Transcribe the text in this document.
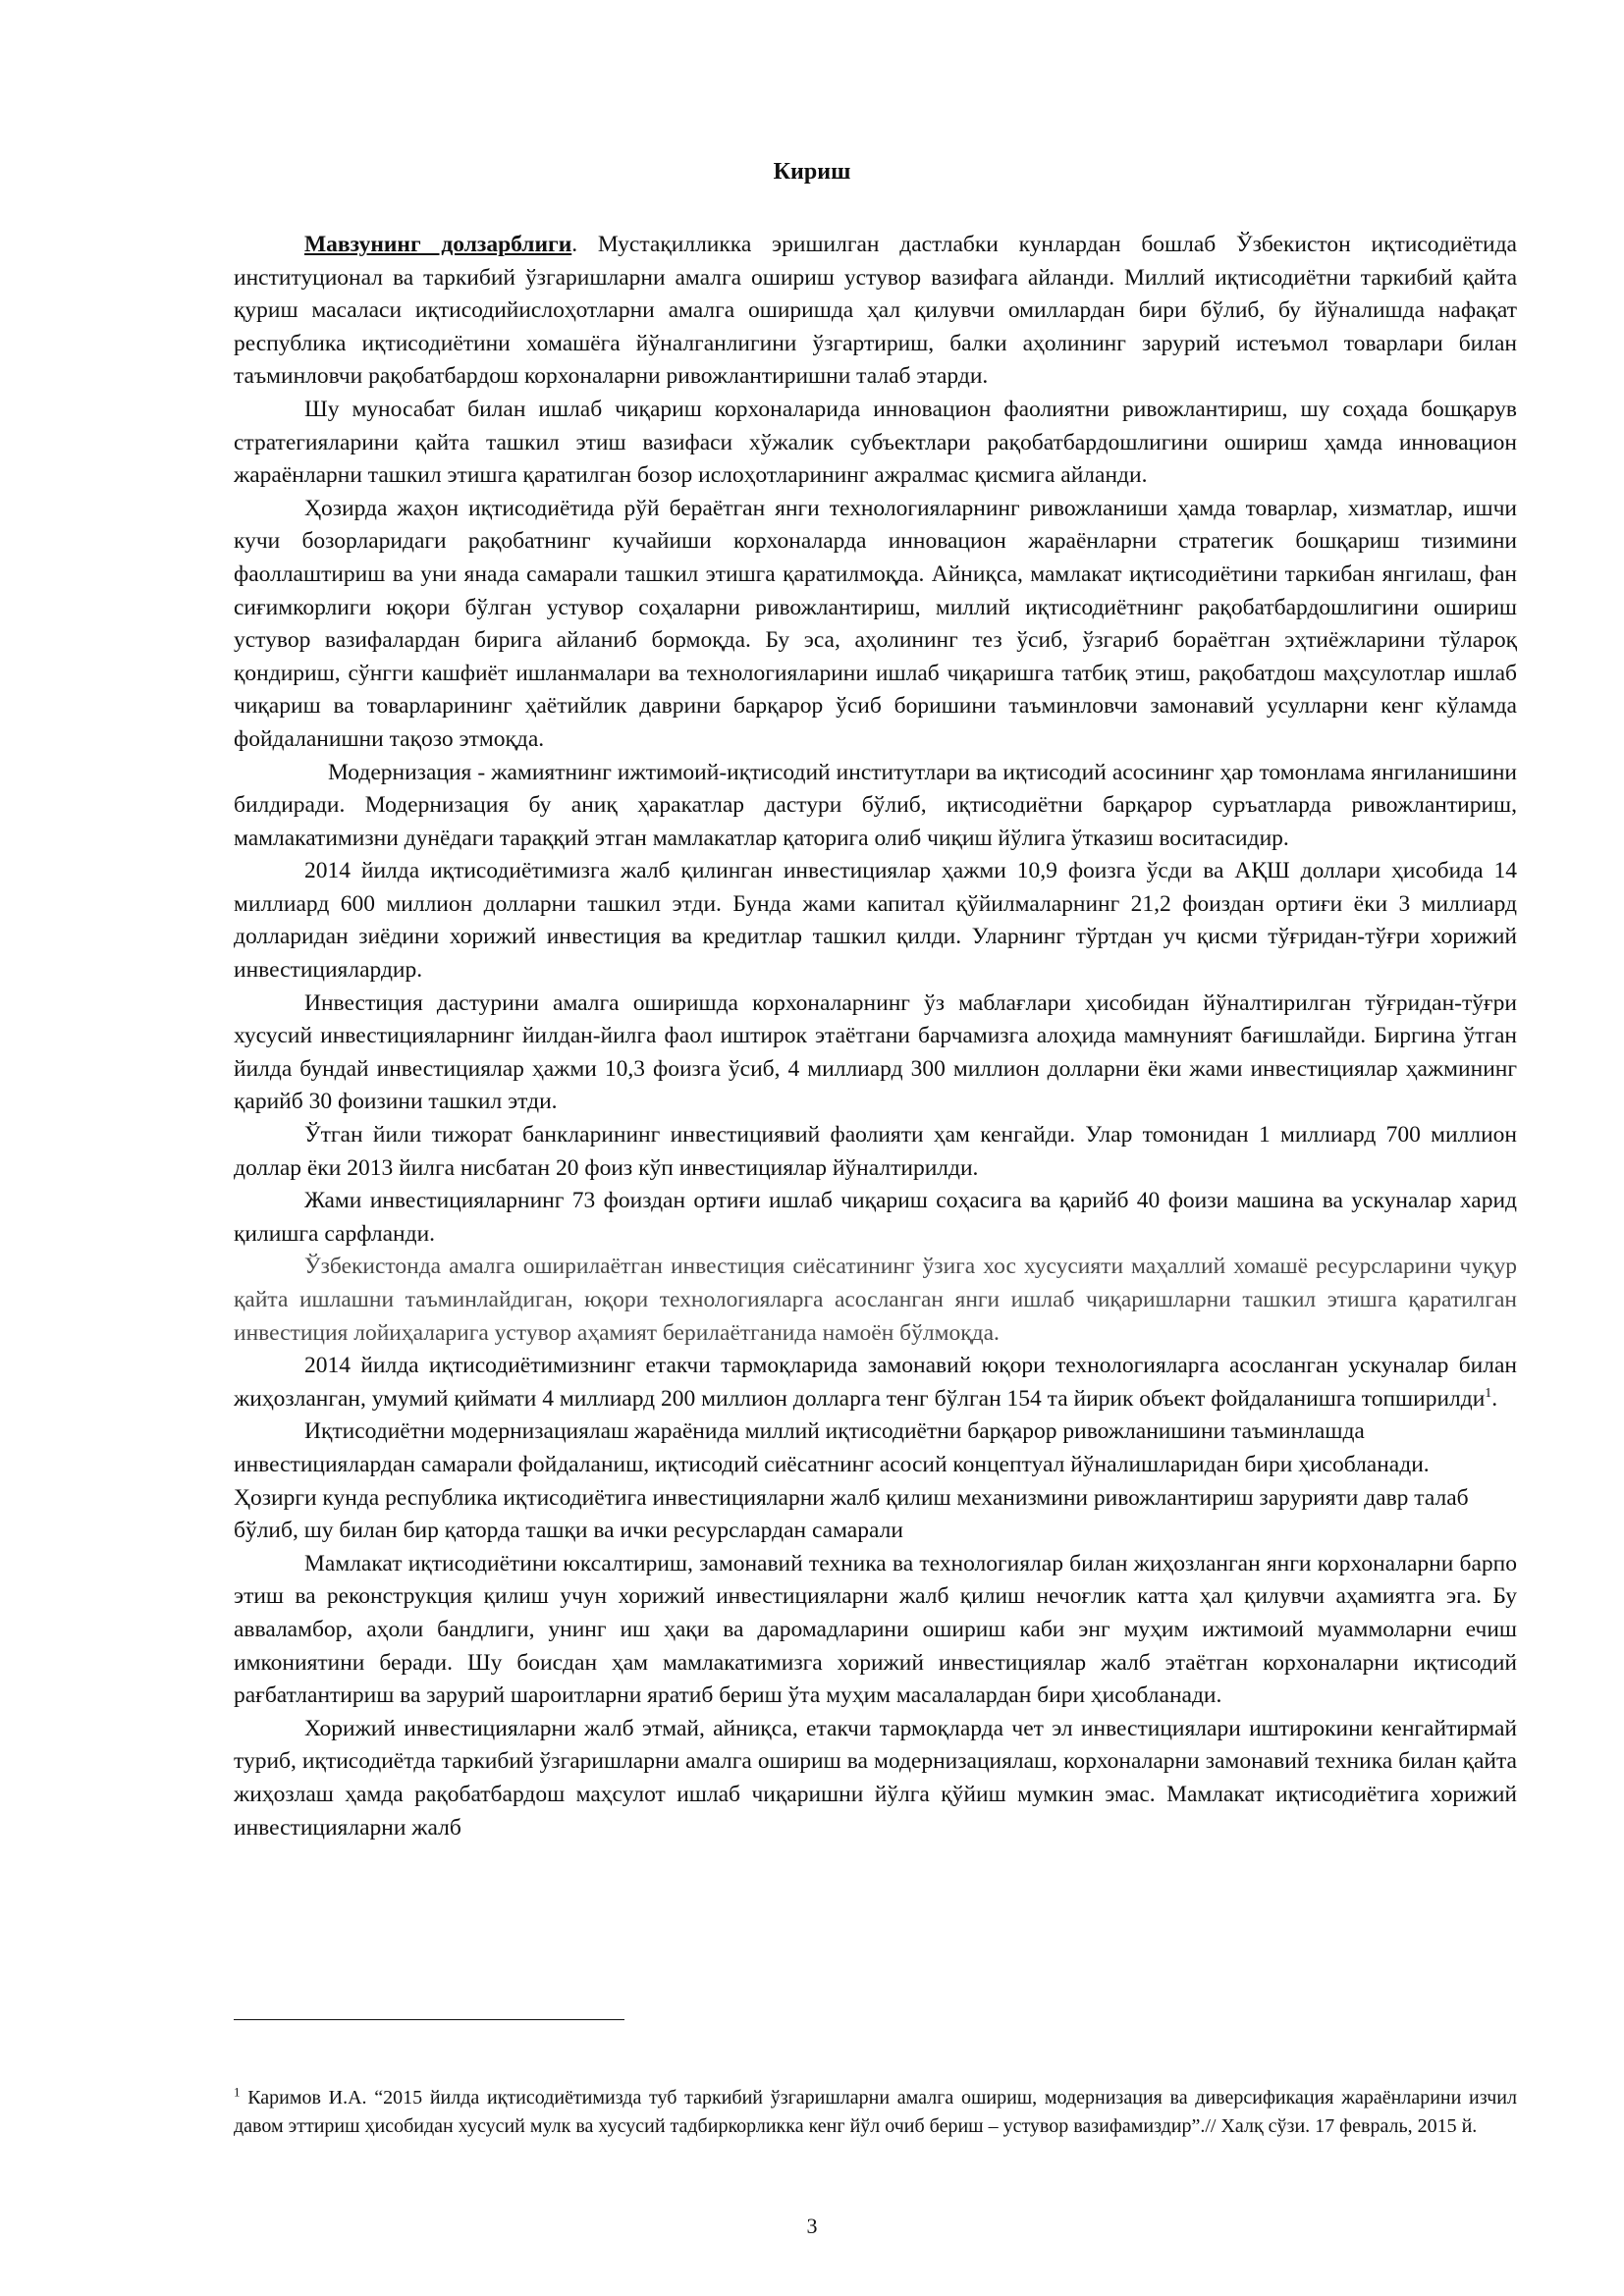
Кириш

Мавзунинг долзарблиги. Мустақилликка эришилган дастлабки кунлардан бошлаб Ўзбекистон иқтисодиётида институционал ва таркибий ўзгаришларни амалга ошириш устувор вазифага айланди. Миллий иқтисодиётни таркибий қайта қуриш масаласи иқтисодийислоҳотларни амалга оширишда ҳал қилувчи омиллардан бири бўлиб, бу йўналишда нафақат республика иқтисодиётини хомашёга йўналганлигини ўзгартириш, балки аҳолининг зарурий истеъмол товарлари билан таъминловчи рақобатбардош корхоналарни ривожлантиришни талаб этарди.

Шу муносабат билан ишлаб чиқариш корхоналарида инновацион фаолиятни ривожлантириш, шу соҳада бошқарув стратегияларини қайта ташкил этиш вазифаси хўжалик субъектлари рақобатбардошлигини ошириш ҳамда инновацион жараёнларни ташкил этишга қаратилган бозор ислоҳотларининг ажралмас қисмига айланди.

Ҳозирда жаҳон иқтисодиётида рўй бераётган янги технологияларнинг ривожланиши ҳамда товарлар, хизматлар, ишчи кучи бозорларидаги рақобатнинг кучайиши корхоналарда инновацион жараёнларни стратегик бошқариш тизимини фаоллаштириш ва уни янада самарали ташкил этишга қаратилмоқда. Айниқса, мамлакат иқтисодиётини таркибан янгилаш, фан сиғимкорлиги юқори бўлган устувор соҳаларни ривожлантириш, миллий иқтисодиётнинг рақобатбардошлигини ошириш устувор вазифалардан бирига айланиб бормоқда. Бу эса, аҳолининг тез ўсиб, ўзгариб бораётган эҳтиёжларини тўлароқ қондириш, сўнгги кашфиёт ишланмалари ва технологияларини ишлаб чиқаришга татбиқ этиш, рақобатдош маҳсулотлар ишлаб чиқариш ва товарларининг ҳаётийлик даврини барқарор ўсиб боришини таъминловчи замонавий усулларни кенг кўламда фойдаланишни тақозо этмоқда.

Модернизация - жамиятнинг ижтимоий-иқтисодий институтлари ва иқтисодий асосининг ҳар томонлама янгиланишини билдиради. Модернизация бу аниқ ҳаракатлар дастури бўлиб, иқтисодиётни барқарор суръатларда ривожлантириш, мамлакатимизни дунёдаги тараққий этган мамлакатлар қаторига олиб чиқиш йўлига ўтказиш воситасидир.

2014 йилда иқтисодиётимизга жалб қилинган инвестициялар ҳажми 10,9 фоизга ўсди ва АҚШ доллари ҳисобида 14 миллиард 600 миллион долларни ташкил этди. Бунда жами капитал қўйилмаларнинг 21,2 фоиздан ортиғи ёки 3 миллиард долларидан зиёдини хорижий инвестиция ва кредитлар ташкил қилди. Уларнинг тўртдан уч қисми тўғридан-тўғри хорижий инвестициялардир.

Инвестиция дастурини амалга оширишда корхоналарнинг ўз маблағлари ҳисобидан йўналтирилган тўғридан-тўғри хусусий инвестицияларнинг йилдан-йилга фаол иштирок этаётгани барчамизга алоҳида мамнуният бағишлайди. Биргина ўтган йилда бундай инвестициялар ҳажми 10,3 фоизга ўсиб, 4 миллиард 300 миллион долларни ёки жами инвестициялар ҳажмининг қарийб 30 фоизини ташкил этди.

Ўтган йили тижорат банкларининг инвестициявий фаолияти ҳам кенгайди. Улар томонидан 1 миллиард 700 миллион доллар ёки 2013 йилга нисбатан 20 фоиз кўп инвестициялар йўналтирилди.

Жами инвестицияларнинг 73 фоиздан ортиғи ишлаб чиқариш соҳасига ва қарийб 40 фоизи машина ва ускуналар харид қилишга сарфланди.

Ўзбекистонда амалга оширилаётган инвестиция сиёсатининг ўзига хос хусусияти маҳаллий хомашё ресурсларини чуқур қайта ишлашни таъминлайдиган, юқори технологияларга асосланган янги ишлаб чиқаришларни ташкил этишга қаратилган инвестиция лойиҳаларига устувор аҳамият берилаётганида намоён бўлмоқда.

2014 йилда иқтисодиётимизнинг етакчи тармоқларида замонавий юқори технологияларга асосланган ускуналар билан жиҳозланган, умумий қиймати 4 миллиард 200 миллион долларга тенг бўлган 154 та йирик объект фойдаланишга топширилди$^1$.

Иқтисодиётни модернизациялаш жараёнида миллий иқтисодиётни барқарор ривожланишини таъминлашда инвестициялардан самарали фойдаланиш, иқтисодий сиёсатнинг асосий концептуал йўналишларидан бири ҳисобланади. Ҳозирги кунда республика иқтисодиётига инвестицияларни жалб қилиш механизмини ривожлантириш зарурияти давр талаб бўлиб, шу билан бир қаторда ташқи ва ички ресурслардан самарали

Мамлакат иқтисодиётини юксалтириш, замонавий техника ва технологиялар билан жиҳозланган янги корхоналарни барпо этиш ва реконструкция қилиш учун хорижий инвестицияларни жалб қилиш нечоғлик катта ҳал қилувчи аҳамиятга эга. Бу авваламбор, аҳоли бандлиги, унинг иш ҳақи ва даромадларини ошириш каби энг муҳим ижтимоий муаммоларни ечиш имкониятини беради. Шу боисдан ҳам мамлакатимизга хорижий инвестициялар жалб этаётган корхоналарни иқтисодий рағбатлантириш ва зарурий шароитларни яратиб бериш ўта муҳим масалалардан бири ҳисобланади.

Хорижий инвестицияларни жалб этмай, айниқса, етакчи тармоқларда чет эл инвестициялари иштирокини кенгайтирмай туриб, иқтисодиётда таркибий ўзгаришларни амалга ошириш ва модернизациялаш, корхоналарни замонавий техника билан қайта жиҳозлаш ҳамда рақобатбардош маҳсулот ишлаб чиқаришни йўлга қўйиш мумкин эмас. Мамлакат иқтисодиётига хорижий инвестицияларни жалб

$^1$ Каримов И.А. “2015 йилда иқтисодиётимизда туб таркибий ўзгаришларни амалга ошириш, модернизация ва диверсификация жараёнларини изчил давом эттириш ҳисобидан хусусий мулк ва хусусий тадбиркорликка кенг йўл очиб бериш – устувор вазифамиздир”.// Халқ сўзи. 17 февраль, 2015 й.

3
